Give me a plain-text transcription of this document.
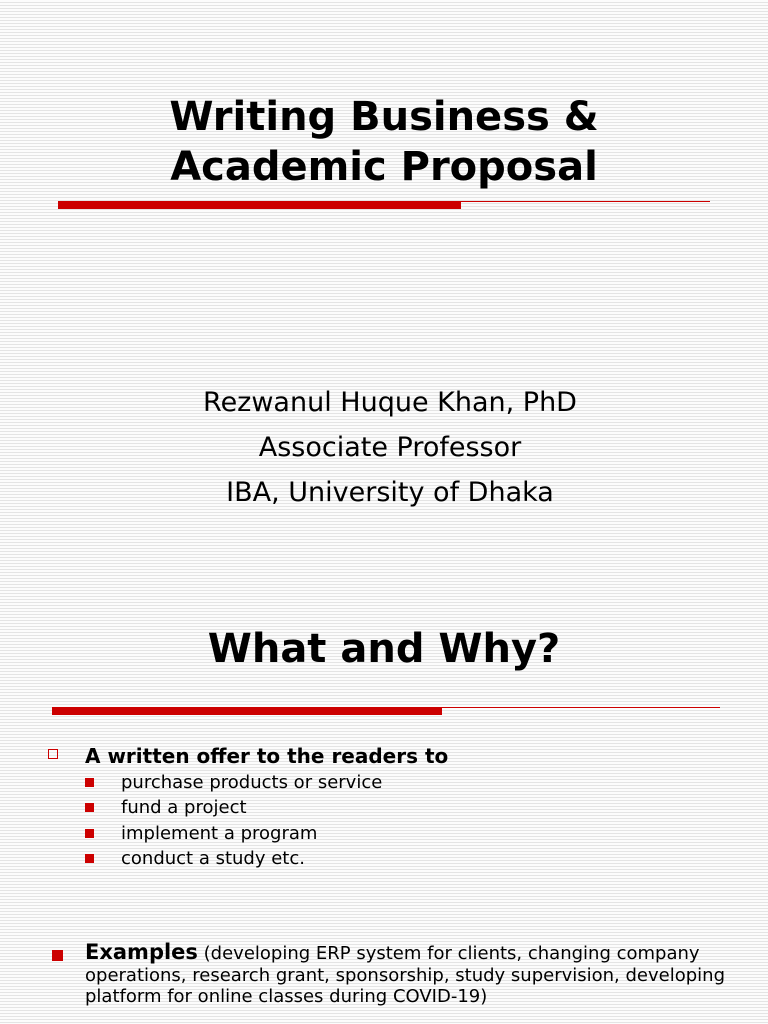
Writing Business &
Academic Proposal
Rezwanul Huque Khan, PhD
Associate Professor
IBA, University of Dhaka
What and Why?
A written offer to the readers to
purchase products or service
fund a project
implement a program
conduct a study etc.
Examples (developing ERP system for clients, changing company operations, research grant, sponsorship, study supervision, developing platform for online classes during COVID-19)
